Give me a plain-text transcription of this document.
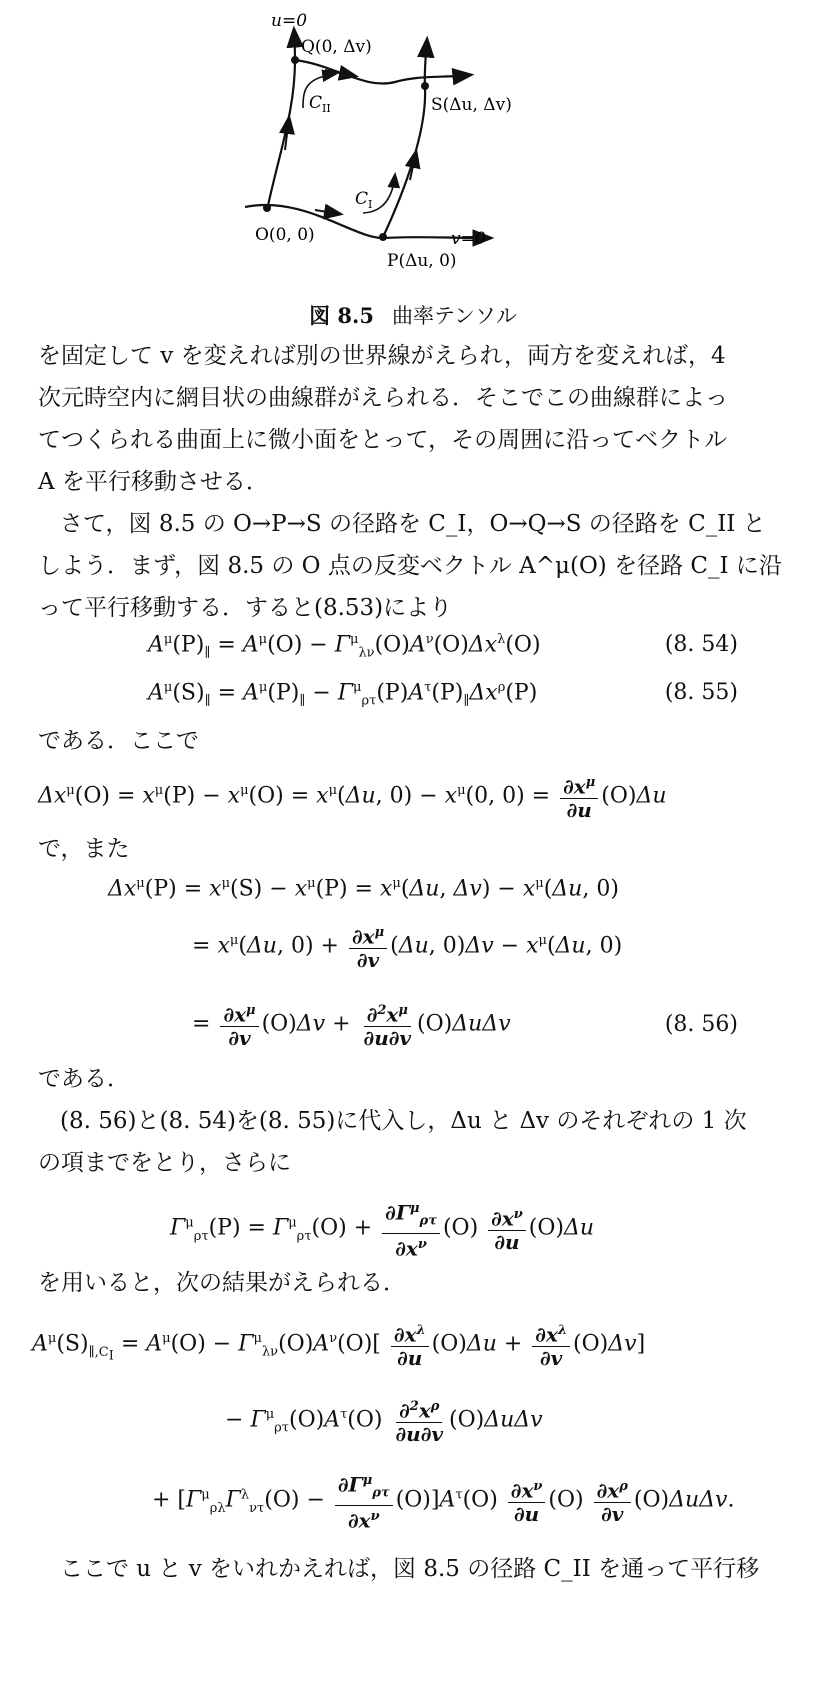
u=0
Q(0, Δv)
S(Δu, Δv)
O(0, 0)
P(Δu, 0)
v=0
$C_{II}$
$C_I$
図 8.5 曲率テンソル
を固定して v を変えれば別の世界線がえられ，両方を変えれば，4
次元時空内に網目状の曲線群がえられる．そこでこの曲線群によっ
てつくられる曲面上に微小面をとって，その周囲に沿ってベクトル
A を平行移動させる．
さて，図 8.5 の O→P→S の径路を C_I，O→Q→S の径路を C_II と
しよう．まず，図 8.5 の O 点の反変ベクトル A^μ(O) を径路 C_I に沿
って平行移動する．すると(8.53)により
$A^\mu(P)_\parallel = A^\mu(O) - \Gamma^\mu_{\lambda\nu}(O)A^\nu(O)\Delta x^\lambda(O)$	(8. 54)
$A^\mu(S)_\parallel = A^\mu(P)_\parallel - \Gamma^\mu_{\rho\tau}(P)A^\tau(P)_\parallel\Delta x^\rho(P)$	(8. 55)
である．ここで
$\Delta x^\mu(O) = x^\mu(P) - x^\mu(O) = x^\mu(\Delta u$, $0) - x^\mu(0$, $0) = \frac{\partial x^\mu}{\partial u} (O)\Delta u$
で，また
$\Delta x^\mu(P) = x^\mu(S) - x^\mu(P) = x^\mu(\Delta u$, $\Delta v) - x^\mu(\Delta u$, 0)
= $x^\mu(\Delta u$, $0) + \frac{\partial x^\mu}{\partial v} (\Delta u$, $0)\Delta v - x^\mu(\Delta u$, 0)
= $\frac{\partial x^\mu}{\partial v} (O)\Delta v + \frac{\partial^2x^\mu}{\partial u\partial v} (O)\Delta u\Delta v$	(8. 56)
である．
(8. 56)と(8. 54)を(8. 55)に代入し，Δu と Δv のそれぞれの 1 次
の項までをとり，さらに
$\Gamma^\mu_{\rho\tau}(P) = \Gamma^\mu_{\rho\tau}(O) + \frac{\partial\Gamma^\mu_{\rho\tau}}{\partial x^\nu} (O) \frac{\partial x^\nu}{\partial u} (O)\Delta u$
を用いると，次の結果がえられる．
$A^\mu(S)_{\parallel,C_I} = A^\mu(O) - \Gamma^\mu_{\lambda\nu}(O)A^\nu(O)[ \frac{\partial x^\lambda}{\partial u} (O)\Delta u + \frac{\partial x^\lambda}{\partial v} (O)\Delta v]$
− $\Gamma^\mu_{\rho\tau}(O)A^\tau(O) \frac{\partial^2x^\rho}{\partial u\partial v} (O)\Delta u\Delta v$
+ $[\Gamma^\mu_{\rho\lambda}\Gamma^\lambda_{\nu\tau}(O) - \frac{\partial\Gamma^\mu_{\rho\tau}}{\partial x^\nu} (O)]A^\tau(O) \frac{\partial x^\nu}{\partial u} (O) \frac{\partial x^\rho}{\partial v} (O)\Delta u\Delta v$.
ここで u と v をいれかえれば，図 8.5 の径路 C_II を通って平行移
